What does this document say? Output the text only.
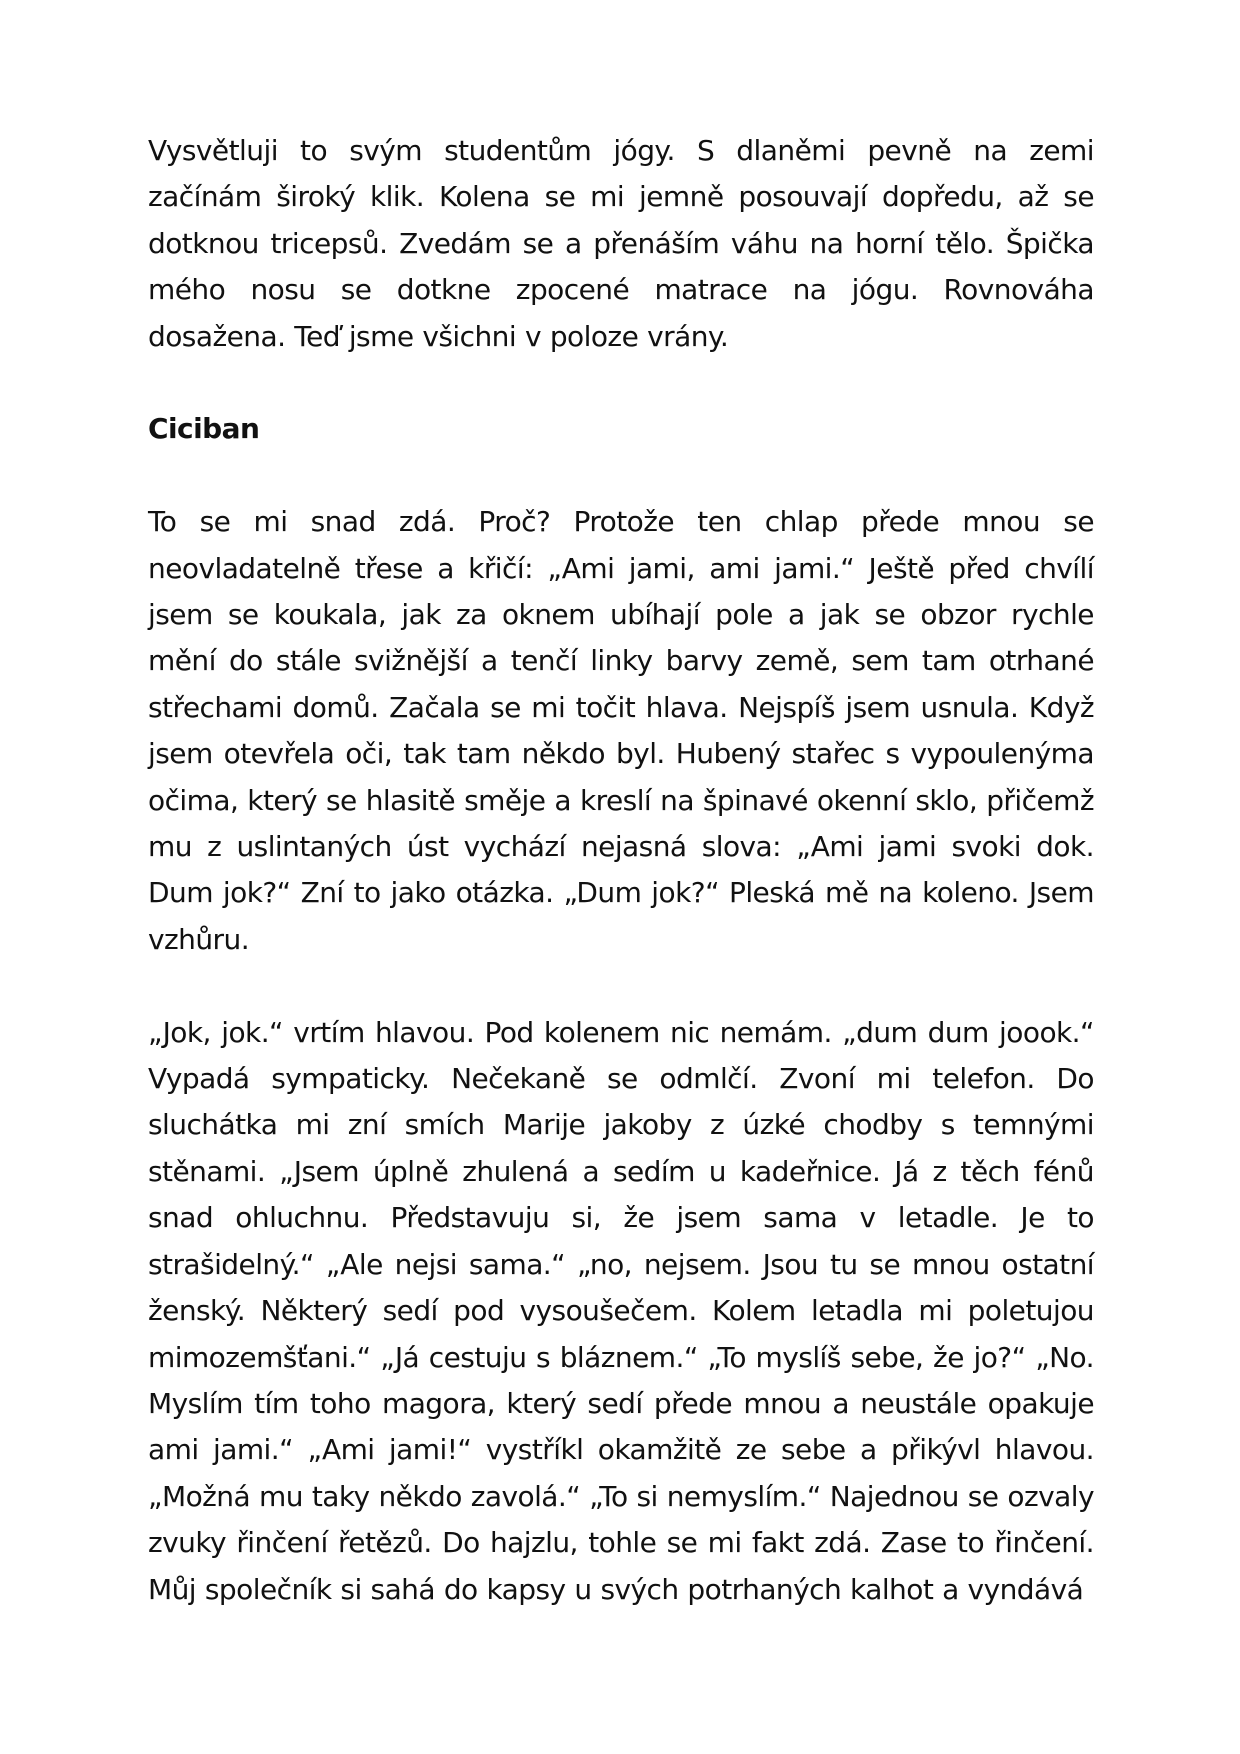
Vysvětluji to svým studentům jógy. S dlaněmi pevně na zemi začínám široký klik. Kolena se mi jemně posouvají dopředu, až se dotknou tricepsů. Zvedám se a přenáším váhu na horní tělo. Špička mého nosu se dotkne zpocené matrace na jógu. Rovnováha dosažena. Teď jsme všichni v poloze vrány.

Ciciban

To se mi snad zdá. Proč? Protože ten chlap přede mnou se neovladatelně třese a křičí: „Ami jami, ami jami.“ Ještě před chvílí jsem se koukala, jak za oknem ubíhají pole a jak se obzor rychle mění do stále svižnější a tenčí linky barvy země, sem tam otrhané střechami domů. Začala se mi točit hlava. Nejspíš jsem usnula. Když jsem otevřela oči, tak tam někdo byl. Hubený stařec s vypoulenýma očima, který se hlasitě směje a kreslí na špinavé okenní sklo, přičemž mu z uslintaných úst vychází nejasná slova: „Ami jami svoki dok. Dum jok?“ Zní to jako otázka. „Dum jok?“ Pleská mě na koleno. Jsem vzhůru.

„Jok, jok.“ vrtím hlavou. Pod kolenem nic nemám. „dum dum joook.“ Vypadá sympaticky. Nečekaně se odmlčí. Zvoní mi telefon. Do sluchátka mi zní smích Marije jakoby z úzké chodby s temnými stěnami. „Jsem úplně zhulená a sedím u kadeřnice. Já z těch fénů snad ohluchnu. Představuju si, že jsem sama v letadle. Je to strašidelný.“ „Ale nejsi sama.“ „no, nejsem. Jsou tu se mnou ostatní ženský. Některý sedí pod vysoušečem. Kolem letadla mi poletujou mimozemšťani.“ „Já cestuju s bláznem.“ „To myslíš sebe, že jo?“ „No. Myslím tím toho magora, který sedí přede mnou a neustále opakuje ami jami.“ „Ami jami!“ vystříkl okamžitě ze sebe a přikývl hlavou. „Možná mu taky někdo zavolá.“ „To si nemyslím.“ Najednou se ozvaly zvuky řinčení řetězů. Do hajzlu, tohle se mi fakt zdá. Zase to řinčení. Můj společník si sahá do kapsy u svých potrhaných kalhot a vyndává
